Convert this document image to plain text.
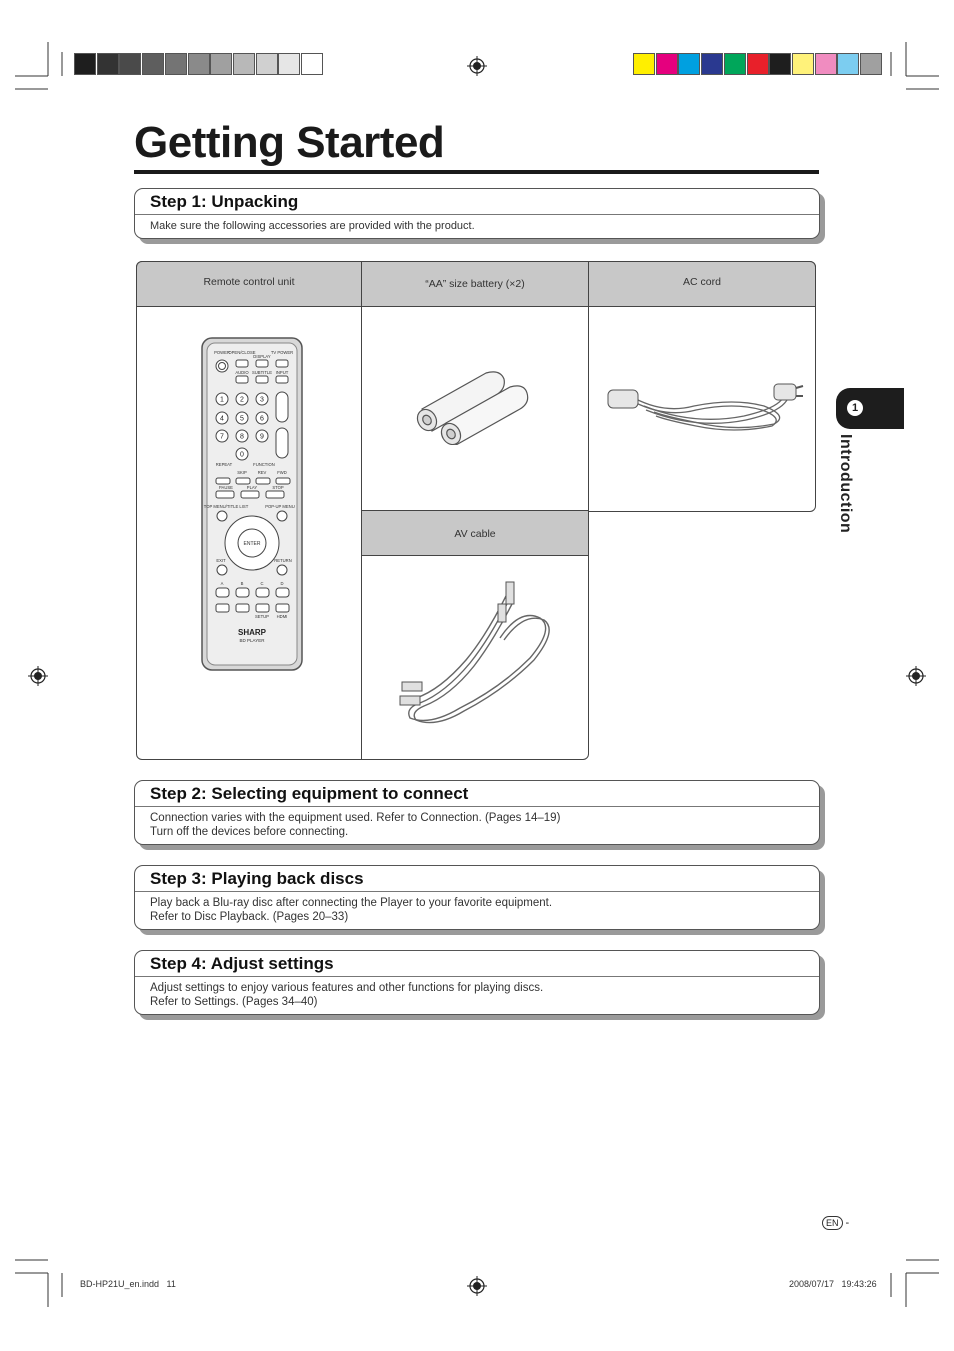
Getting Started
Step 1: Unpacking
Make sure the following accessories are provided with the product.
Remote control unit	“AA” size battery (×2)	AC cord
AV cable
POWER
OPEN/CLOSE
DISPLAY
TV POWER
AUDIO SUBTITLE INPUT
REPEAT	FUNCTION
SKIP	REV	FWD
PAUSE	PLAY	STOP
TOP MENU/TITLE LIST	POP-UP MENU
EXIT	RETURN
A	B	C	D
SETUP HDMI
ENTER
1 2 3
4 5 6
7 8 9
0
SHARP
BD PLAYER
Step 2: Selecting equipment to connect
Connection varies with the equipment used. Refer to Connection. (Pages 14–19)
Turn off the devices before connecting.
Step 3: Playing back discs
Play back a Blu-ray disc after connecting the Player to your favorite equipment.
Refer to Disc Playback. (Pages 20–33)
Step 4: Adjust settings
Adjust settings to enjoy various features and other functions for playing discs.
Refer to Settings. (Pages 34–40)
1
Introduction
EN -
BD-HP21U_en.indd   11	2008/07/17   19:43:26
